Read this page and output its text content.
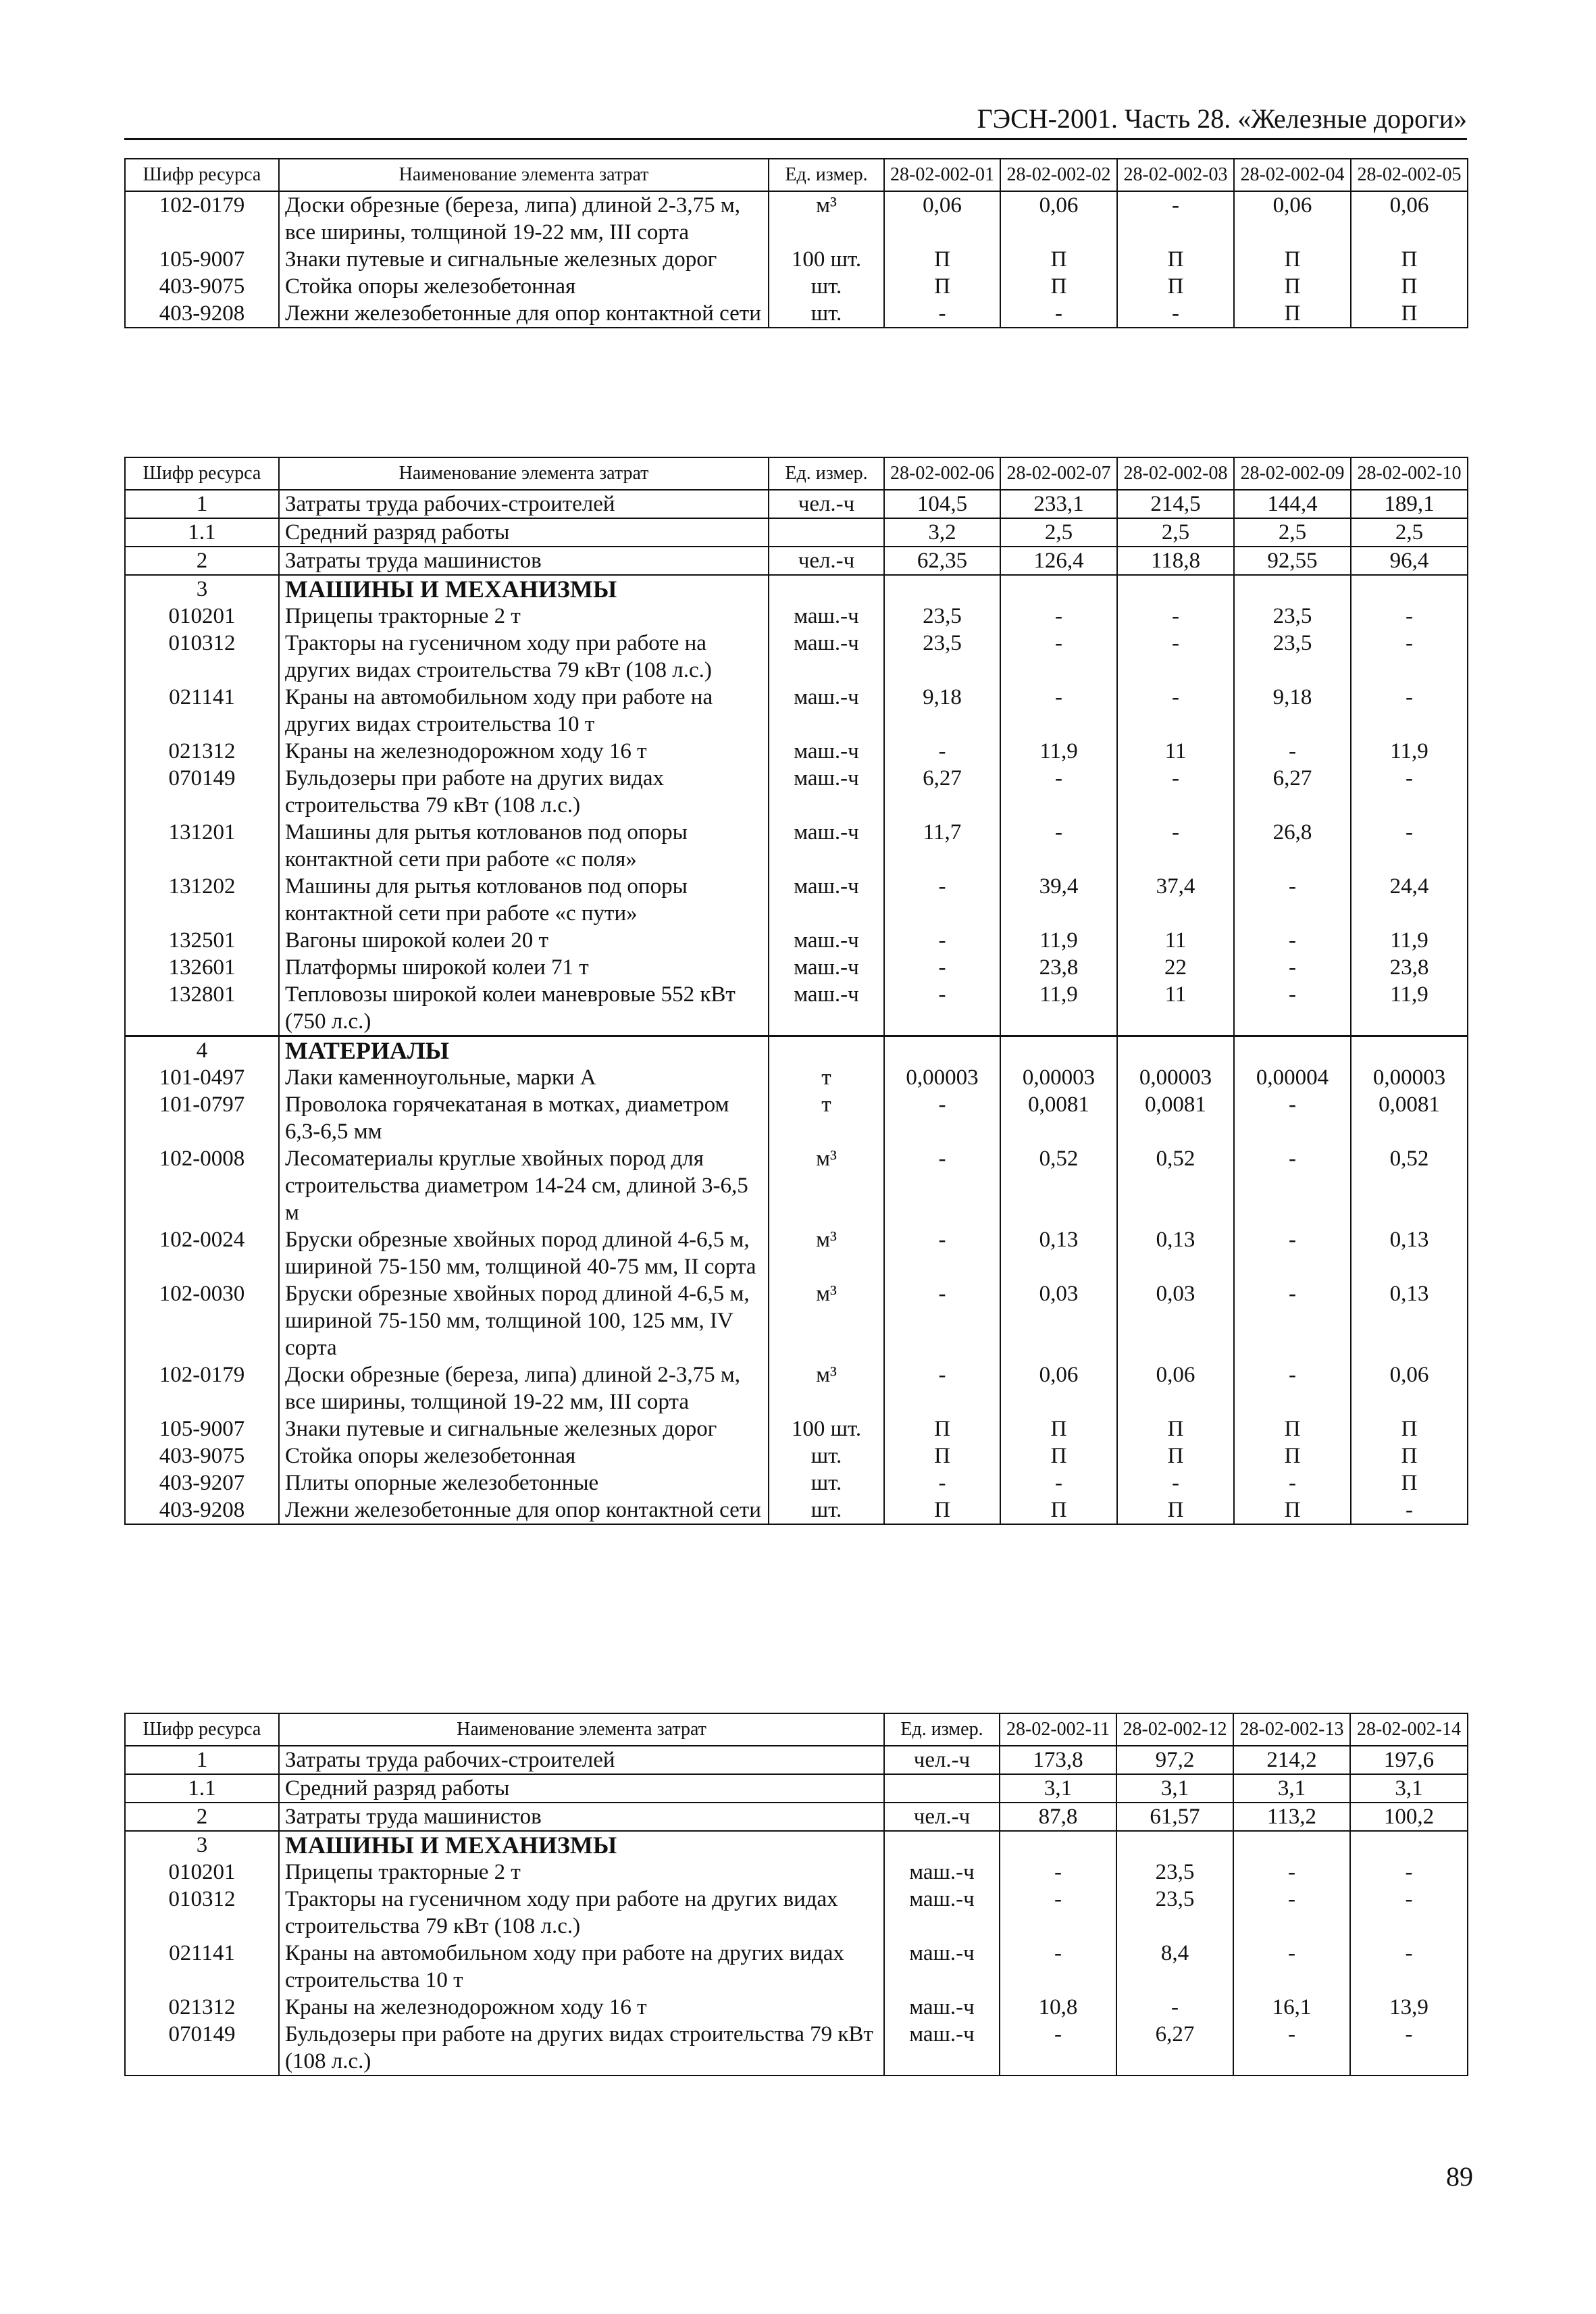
ГЭСН-2001. Часть 28. «Железные дороги»
Шифр ресурса	Наименование элемента затрат	Ед. измер.	28-02-002-01	28-02-002-02	28-02-002-03	28-02-002-04	28-02-002-05
102-0179	Доски обрезные (береза, липа) длиной 2-3,75 м, все ширины, толщиной 19-22 мм, III сорта	м³	0,06	0,06	-	0,06	0,06
105-9007	Знаки путевые и сигнальные железных дорог	100 шт.	П	П	П	П	П
403-9075	Стойка опоры железобетонная	шт.	П	П	П	П	П
403-9208	Лежни железобетонные для опор контактной сети	шт.	-	-	-	П	П
Шифр ресурса	Наименование элемента затрат	Ед. измер.	28-02-002-06	28-02-002-07	28-02-002-08	28-02-002-09	28-02-002-10
1	Затраты труда рабочих-строителей	чел.-ч	104,5	233,1	214,5	144,4	189,1
1.1	Средний разряд работы		3,2	2,5	2,5	2,5	2,5
2	Затраты труда машинистов	чел.-ч	62,35	126,4	118,8	92,55	96,4
3	МАШИНЫ И МЕХАНИЗМЫ						
010201	Прицепы тракторные 2 т	маш.-ч	23,5	-	-	23,5	-
010312	Тракторы на гусеничном ходу при работе на других видах строительства 79 кВт (108 л.с.)	маш.-ч	23,5	-	-	23,5	-
021141	Краны на автомобильном ходу при работе на других видах строительства 10 т	маш.-ч	9,18	-	-	9,18	-
021312	Краны на железнодорожном ходу 16 т	маш.-ч	-	11,9	11	-	11,9
070149	Бульдозеры при работе на других видах строительства 79 кВт (108 л.с.)	маш.-ч	6,27	-	-	6,27	-
131201	Машины для рытья котлованов под опоры контактной сети при работе «с поля»	маш.-ч	11,7	-	-	26,8	-
131202	Машины для рытья котлованов под опоры контактной сети при работе «с пути»	маш.-ч	-	39,4	37,4	-	24,4
132501	Вагоны широкой колеи 20 т	маш.-ч	-	11,9	11	-	11,9
132601	Платформы широкой колеи 71 т	маш.-ч	-	23,8	22	-	23,8
132801	Тепловозы широкой колеи маневровые 552 кВт (750 л.с.)	маш.-ч	-	11,9	11	-	11,9
4	МАТЕРИАЛЫ						
101-0497	Лаки каменноугольные, марки А	т	0,00003	0,00003	0,00003	0,00004	0,00003
101-0797	Проволока горячекатаная в мотках, диаметром 6,3-6,5 мм	т	-	0,0081	0,0081	-	0,0081
102-0008	Лесоматериалы круглые хвойных пород для строительства диаметром 14-24 см, длиной 3-6,5 м	м³	-	0,52	0,52	-	0,52
102-0024	Бруски обрезные хвойных пород длиной 4-6,5 м, шириной 75-150 мм, толщиной 40-75 мм, II сорта	м³	-	0,13	0,13	-	0,13
102-0030	Бруски обрезные хвойных пород длиной 4-6,5 м, шириной 75-150 мм, толщиной 100, 125 мм, IV сорта	м³	-	0,03	0,03	-	0,13
102-0179	Доски обрезные (береза, липа) длиной 2-3,75 м, все ширины, толщиной 19-22 мм, III сорта	м³	-	0,06	0,06	-	0,06
105-9007	Знаки путевые и сигнальные железных дорог	100 шт.	П	П	П	П	П
403-9075	Стойка опоры железобетонная	шт.	П	П	П	П	П
403-9207	Плиты опорные железобетонные	шт.	-	-	-	-	П
403-9208	Лежни железобетонные для опор контактной сети	шт.	П	П	П	П	-
Шифр ресурса	Наименование элемента затрат	Ед. измер.	28-02-002-11	28-02-002-12	28-02-002-13	28-02-002-14
1	Затраты труда рабочих-строителей	чел.-ч	173,8	97,2	214,2	197,6
1.1	Средний разряд работы		3,1	3,1	3,1	3,1
2	Затраты труда машинистов	чел.-ч	87,8	61,57	113,2	100,2
3	МАШИНЫ И МЕХАНИЗМЫ					
010201	Прицепы тракторные 2 т	маш.-ч	-	23,5	-	-
010312	Тракторы на гусеничном ходу при работе на других видах строительства 79 кВт (108 л.с.)	маш.-ч	-	23,5	-	-
021141	Краны на автомобильном ходу при работе на других видах строительства 10 т	маш.-ч	-	8,4	-	-
021312	Краны на железнодорожном ходу 16 т	маш.-ч	10,8	-	16,1	13,9
070149	Бульдозеры при работе на других видах строительства 79 кВт (108 л.с.)	маш.-ч	-	6,27	-	-
89
